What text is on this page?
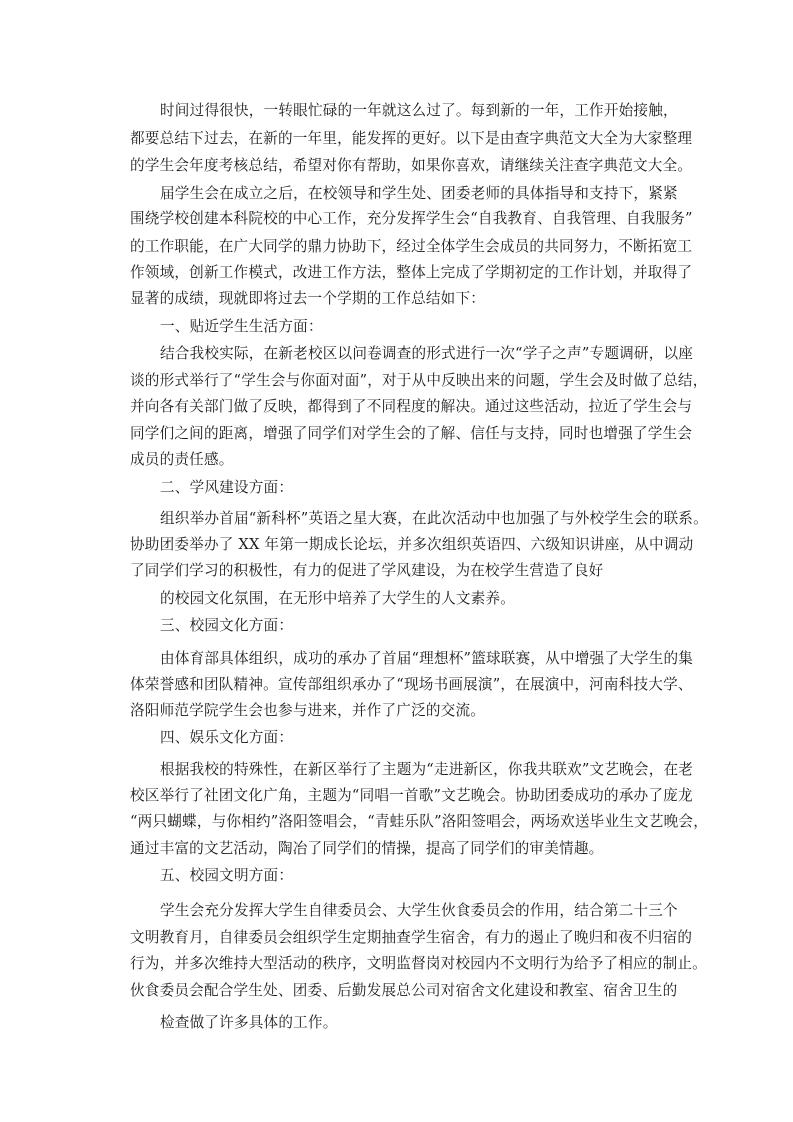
时间过得很快，一转眼忙碌的一年就这么过了。每到新的一年，工作开始接触，
都要总结下过去，在新的一年里，能发挥的更好。以下是由查字典范文大全为大家整理
的学生会年度考核总结，希望对你有帮助，如果你喜欢，请继续关注查字典范文大全。
届学生会在成立之后，在校领导和学生处、团委老师的具体指导和支持下，紧紧
围绕学校创建本科院校的中心工作，充分发挥学生会“自我教育、自我管理、自我服务”
的工作职能，在广大同学的鼎力协助下，经过全体学生会成员的共同努力，不断拓宽工
作领域，创新工作模式，改进工作方法，整体上完成了学期初定的工作计划，并取得了
显著的成绩，现就即将过去一个学期的工作总结如下：
一、贴近学生生活方面：
结合我校实际，在新老校区以问卷调查的形式进行一次“学子之声”专题调研，以座
谈的形式举行了“学生会与你面对面”，对于从中反映出来的问题，学生会及时做了总结，
并向各有关部门做了反映，都得到了不同程度的解决。通过这些活动，拉近了学生会与
同学们之间的距离，增强了同学们对学生会的了解、信任与支持，同时也增强了学生会
成员的责任感。
二、学风建设方面：
组织举办首届“新科杯”英语之星大赛，在此次活动中也加强了与外校学生会的联系。
协助团委举办了 XX 年第一期成长论坛，并多次组织英语四、六级知识讲座，从中调动
了同学们学习的积极性，有力的促进了学风建设，为在校学生营造了良好
的校园文化氛围，在无形中培养了大学生的人文素养。
三、校园文化方面：
由体育部具体组织，成功的承办了首届“理想杯”篮球联赛，从中增强了大学生的集
体荣誉感和团队精神。宣传部组织承办了“现场书画展演”，在展演中，河南科技大学、
洛阳师范学院学生会也参与进来，并作了广泛的交流。
四、娱乐文化方面：
根据我校的特殊性，在新区举行了主题为“走进新区，你我共联欢”文艺晚会，在老
校区举行了社团文化广角，主题为“同唱一首歌”文艺晚会。协助团委成功的承办了庞龙
“两只蝴蝶，与你相约”洛阳签唱会，“青蛙乐队”洛阳签唱会，两场欢送毕业生文艺晚会，
通过丰富的文艺活动，陶冶了同学们的情操，提高了同学们的审美情趣。
五、校园文明方面：
学生会充分发挥大学生自律委员会、大学生伙食委员会的作用，结合第二十三个
文明教育月，自律委员会组织学生定期抽查学生宿舍，有力的遏止了晚归和夜不归宿的
行为，并多次维持大型活动的秩序，文明监督岗对校园内不文明行为给予了相应的制止。
伙食委员会配合学生处、团委、后勤发展总公司对宿舍文化建设和教室、宿舍卫生的
检查做了许多具体的工作。
